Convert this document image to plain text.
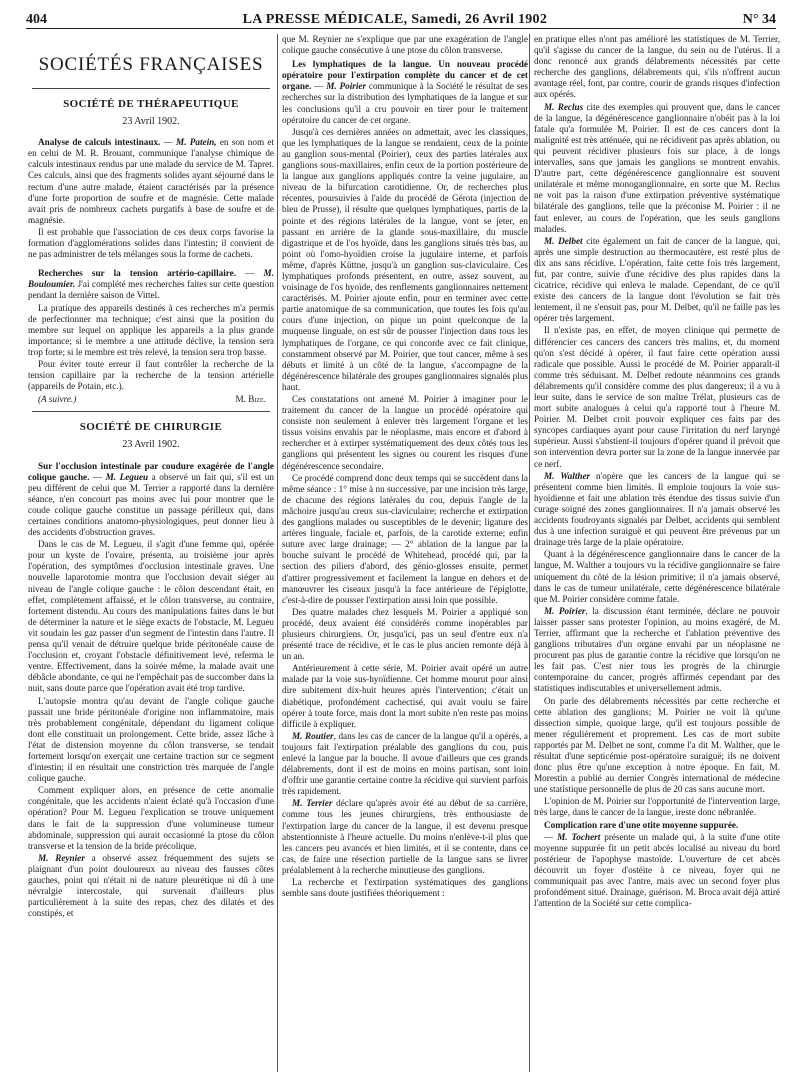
404	LA PRESSE MÉDICALE, Samedi, 26 Avril 1902	N° 34
SOCIÉTÉS FRANÇAISES
SOCIÉTÉ DE THÉRAPEUTIQUE
23 Avril 1902.

Analyse de calculs intestinaux. — M. Patein, en son nom et en celui de M. R. Brouant, communique l'analyse chimique de calculs intestinaux rendus par une malade du service de M. Tapret. Ces calculs, ainsi que des fragments solides ayant séjourné dans le rectum d'une autre malade, étaient caractérisés par la présence d'une forte proportion de soufre et de magnésie. Cette malade avait pris de nombreux cachets purgatifs à base de soufre et de magnésie.

Il est probable que l'association de ces deux corps favorise la formation d'agglomérations solides dans l'intestin; il convient de ne pas administrer de tels mélanges sous la forme de cachets.

Recherches sur la tension artério-capillaire. — M. Bouloumier. J'ai complété mes recherches faites sur cette question pendant la dernière saison de Vittel.

La pratique des appareils destinés à ces recherches m'a permis de perfectionner ma technique; c'est ainsi que la position du membre sur lequel on applique les appareils a la plus grande importance; si le membre a une attitude déclive, la tension sera trop forte; si le membre est très relevé, la tension sera trop basse.

Pour éviter toute erreur il faut contrôler la recherche de la tension capillaire par la recherche de la tension artérielle (appareils de Potain, etc.).

(A suivre.)	M. Bize.
SOCIÉTÉ DE CHIRURGIE
23 Avril 1902.

Sur l'occlusion intestinale par coudure exagérée de l'angle colique gauche. — M. Legueu a observé un fait qui, s'il est un peu différent de celui que M. Terrier a rapporté dans la dernière séance, n'en concourt pas moins avec lui pour montrer que le coude colique gauche constitue un passage périlleux qui, dans certaines conditions anatomo-physiologiques, peut donner lieu à des accidents d'obstruction graves.

Dans le cas de M. Legueu, il s'agit d'une femme qui, opérée pour un kyste de l'ovaire, présenta, au troisième jour après l'opération, des symptômes d'occlusion intestinale graves. Une nouvelle laparotomie montra que l'occlusion devait siéger au niveau de l'angle colique gauche : le côlon descendant était, en effet, complètement affaissé, et le côlon transverse, au contraire, fortement distendu. Au cours des manipulations faites dans le but de déterminer la nature et le siège exacts de l'obstacle, M. Legueu vit soudain les gaz passer d'un segment de l'intestin dans l'autre. Il pensa qu'il venait de détruire quelque bride péritonéale cause de l'occlusion et, croyant l'obstacle définitivement levé, referma le ventre. Effectivement, dans la soirée même, la malade avait une débâcle abondante, ce qui ne l'empêchait pas de succomber dans la nuit, sans doute parce que l'opération avait été trop tardive.

L'autopsie montra qu'au devant de l'angle colique gauche passait une bride péritonéale d'origine non inflammatoire, mais très probablement congénitale, dépendant du ligament colique dont elle constituait un prolongement. Cette bride, assez lâche à l'état de distension moyenne du côlon transverse, se tendait fortement lorsqu'on exerçait une certaine traction sur ce segment d'intestin; il en résultait une constriction très marquée de l'angle colique gauche.

Comment expliquer alors, en présence de cette anomalie congénitale, que les accidents n'aient éclaté qu'à l'occasion d'une opération? Pour M. Legueu l'explication se trouve uniquement dans le fait de la suppression d'une volumineuse tumeur abdominale, suppression qui aurait occasionné la ptose du côlon transverse et la tension de la bride précolique.

M. Reynier a observé assez fréquemment des sujets se plaignant d'un point douloureux au niveau des fausses côtes gauches, point qui n'était ni de nature pleurétique ni dû à une névralgie intercostale, qui survenait d'ailleurs plus particulièrement à la suite des repas, chez des dilatés et des constipés, et

que M. Reynier ne s'explique que par une exagération de l'angle colique gauche consécutive à une ptose du côlon transverse.

Les lymphatiques de la langue. Un nouveau procédé opératoire pour l'extirpation complète du cancer et de cet organe. — M. Poirier communique à la Société le résultat de ses recherches sur la distribution des lymphatiques de la langue et sur les conclusions qu'il a cru pouvoir en tirer pour le traitement opératoire du cancer de cet organe.

Jusqu'à ces dernières années on admettait, avec les classiques, que les lymphatiques de la langue se rendaient, ceux de la pointe au ganglion sous-mental (Poirier), ceux des parties latérales aux ganglions sous-maxillaires, enfin ceux de la portion postérieure de la langue aux ganglions appliqués contre la veine jugulaire, au niveau de la bifurcation carotidienne. Or, de recherches plus récentes, poursuivies à l'aide du procédé de Gérota (injection de bleu de Prusse), il résulte que quelques lymphatiques, partis de la pointe et des régions latérales de la langue, vont se jeter, en passant en arrière de la glande sous-maxillaire, du muscle digastrique et de l'os hyoïde, dans les ganglions situés très bas, au point où l'omo-hyoïdien croise la jugulaire interne, et parfois même, d'après Küttne, jusqu'à un ganglion sus-claviculaire. Ces lymphatiques profonds présentent, en outre, assez souvent, au voisinage de l'os hyoïde, des renflements ganglionnaires nettement caractérisés. M. Poirier ajoute enfin, pour en terminer avec cette partie anatomique de sa communication, que toutes les fois qu'au cours d'une injection, on pique un point quelconque de la muqueuse linguale, on est sûr de pousser l'injection dans tous les lymphatiques de l'organe, ce qui concorde avec ce fait clinique, constamment observé par M. Poirier, que tout cancer, même à ses débuts et limité à un côté de la langue, s'accompagne de la dégénérescence bilatérale des groupes ganglionnaires signalés plus haut.

Ces constatations ont amené M. Poirier à imaginer pour le traitement du cancer de la langue un procédé opératoire qui consiste non seulement à enlever très largement l'organe et les tissus voisins envahis par le néoplasme, mais encore et d'abord à rechercher et à extirper systématiquement des deux côtés tous les ganglions qui présentent les signes ou courent les risques d'une dégénérescence secondaire.

Ce procédé comprend donc deux temps qui se succèdent dans la même séance : 1° mise à nu successive, par une incision très large, de chacune des régions latérales du cou, depuis l'angle de la mâchoire jusqu'au creux sus-claviculaire; recherche et extirpation des ganglions malades ou susceptibles de le devenir; ligature des artères linguale, faciale et, parfois, de la carotide externe; enfin suture avec large drainage; — 2° ablation de la langue par la bouche suivant le procédé de Whitehead, procédé qui, par la section des piliers d'abord, des génio-glosses ensuite, permet d'attirer progressivement et facilement la langue en dehors et de manœuvrer les ciseaux jusqu'à la face antérieure de l'épiglotte, c'est-à-dire de pousser l'extirpation aussi loin que possible.

Des quatre malades chez lesquels M. Poirier a appliqué son procédé, deux avaient été considérés comme inopérables par plusieurs chirurgiens. Or, jusqu'ici, pas un seul d'entre eux n'a présenté trace de récidive, et le cas le plus ancien remonte déjà à un an.

Antérieurement à cette série, M. Poirier avait opéré un autre malade par la voie sus-hyoïdienne. Cet homme mourut pour ainsi dire subitement dix-huit heures après l'intervention; c'était un diabétique, profondément cachectisé, qui avait voulu se faire opérer à toute force, mais dont la mort subite n'en reste pas moins difficile à expliquer.

M. Routier, dans les cas de cancer de la langue qu'il a opérés, a toujours fait l'extirpation préalable des ganglions du cou, puis enlevé la langue par la bouche. Il avoue d'ailleurs que ces grands délabrements, dont il est de moins en moins partisan, sont loin d'offrir une garantie certaine contre la récidive qui survient parfois très rapidement.

M. Terrier déclare qu'après avoir été au début de sa carrière, comme tous les jeunes chirurgiens, très enthousiaste de l'extirpation large du cancer de la langue, il est devenu presque abstentionniste à l'heure actuelle. Du moins n'enlève-t-il plus que les cancers peu avancés et bien limités, et il se contente, dans ce cas, de faire une résection partielle de la langue sans se livrer préalablement à la recherche minutieuse des ganglions.

La recherche et l'extirpation systématiques des ganglions semble sans doute justifiées théoriquement :

en pratique elles n'ont pas amélioré les statistiques de M. Terrier, qu'il s'agisse du cancer de la langue, du sein ou de l'utérus. Il a donc renoncé aux grands délabrements nécessités par cette recherche des ganglions, délabrements qui, s'ils n'offrent aucun avantage réel, font, par contre, courir de grands risques d'infection aux opérés.

M. Reclus cite des exemples qui prouvent que, dans le cancer de la langue, la dégénérescence ganglionnaire n'obéit pas à la loi fatale qu'a formulée M. Poirier. Il est de ces cancers dont la malignité est très atténuée, qui ne récidivent pas après ablation, ou qui peuvent récidiver plusieurs fois sur place, à de longs intervalles, sans que jamais les ganglions se montrent envahis. D'autre part, cette dégénérescence ganglionnaire est souvent unilatérale et même monoganglionnaire, en sorte que M. Reclus ne voit pas la raison d'une extirpation préventive systématique bilatérale des ganglions, telle que la préconise M. Poirier : il ne faut enlever, au cours de l'opération, que les seuls ganglions malades.

M. Delbet cite également un fait de cancer de la langue, qui, après une simple destruction au thermocautère, est resté plus de dix ans sans récidive. L'opération, faite cette fois très largement, fut, par contre, suivie d'une récidive des plus rapides dans la cicatrice, récidive qui enleva le malade. Cependant, de ce qu'il existe des cancers de la langue dont l'évolution se fait très lentement, il ne s'ensuit pas, pour M. Delbet, qu'il ne faille pas les opérer très largement.

Il n'existe pas, en effet, de moyen clinique qui permette de différencier ces cancers des cancers très malins, et, du moment qu'on s'est décidé à opérer, il faut faire cette opération aussi radicale que possible. Aussi le procédé de M. Poirier apparaît-il comme très séduisant. M. Delbet redoute néanmoins ces grands délabrements qu'il considère comme des plus dangereux; il a vu à leur suite, dans le service de son maître Trélat, plusieurs cas de mort subite analogues à celui qu'a rapporté tout à l'heure M. Poirier. M. Delbet croit pouvoir expliquer ces faits par des syncopes cardiaques ayant pour cause l'irritation du nerf laryngé supérieur. Aussi s'abstient-il toujours d'opérer quand il prévoit que son intervention devra porter sur la zone de la langue innervée par ce nerf.

M. Walther n'opère que les cancers de la langue qui se présentent comme bien limités. Il emploie toujours la voie sus-hyoïdienne et fait une ablation très étendue des tissus suivie d'un curage soigné des zones ganglionnaires. Il n'a jamais observé les accidents foudroyants signalés par Delbet, accidents qui semblent dus à une infection suraiguë et qui peuvent être prévenus par un drainage très large de la plaie opératoire.

Quant à la dégénérescence ganglionnaire dans le cancer de la langue, M. Walther a toujours vu la récidive ganglionnaire se faire uniquement du côté de la lésion primitive; il n'a jamais observé, dans le cas de tumeur unilatérale, cette dégénérescence bilatérale que M. Poirier considère comme fatale.

M. Poirier, la discussion étant terminée, déclare ne pouvoir laisser passer sans protester l'opinion, au moins exagéré, de M. Terrier, affirmant que la recherche et l'ablation préventive des ganglions tributaires d'un organe envahi par un néoplasme ne procurent pas plus de garantie contre la récidive que lorsqu'on ne les fait pas. C'est nier tous les progrès de la chirurgie contemporaine du cancer, progrès affirmés cependant par des statistiques indiscutables et universellement admis.

On parle des délabrements nécessités par cette recherche et cette ablation des ganglions; M. Poirier ne voit là qu'une dissection simple, quoique large, qu'il est toujours possible de mener régulièrement et proprement. Les cas de mort subite rapportés par M. Delbet ne sont, comme l'a dit M. Walther, que le résultat d'une septicémie post-opératoire suraiguë; ils ne doivent donc plus être qu'une exception à notre époque. En fait, M. Morestin a publié au dernier Congrès international de médecine une statistique personnelle de plus de 20 cas sans aucune mort.

L'opinion de M. Poirier sur l'opportunité de l'intervention large, très large, dans le cancer de la langue, ireste donc nébranlée.

Complication rare d'une otite moyenne suppurée.

— M. Tochert présente un malade qui, à la suite d'une otite moyenne suppurée fit un petit abcès localisé au niveau du bord postérieur de l'apophyse mastoïde. L'ouverture de cet abcès découvrit un foyer d'ostéite à ce niveau, foyer qui ne communiquait pas avec l'antre, mais avec un second foyer plus profondément situé. Drainage, guérison. M. Broca avait déjà attiré l'attention de la Société sur cette complica-
